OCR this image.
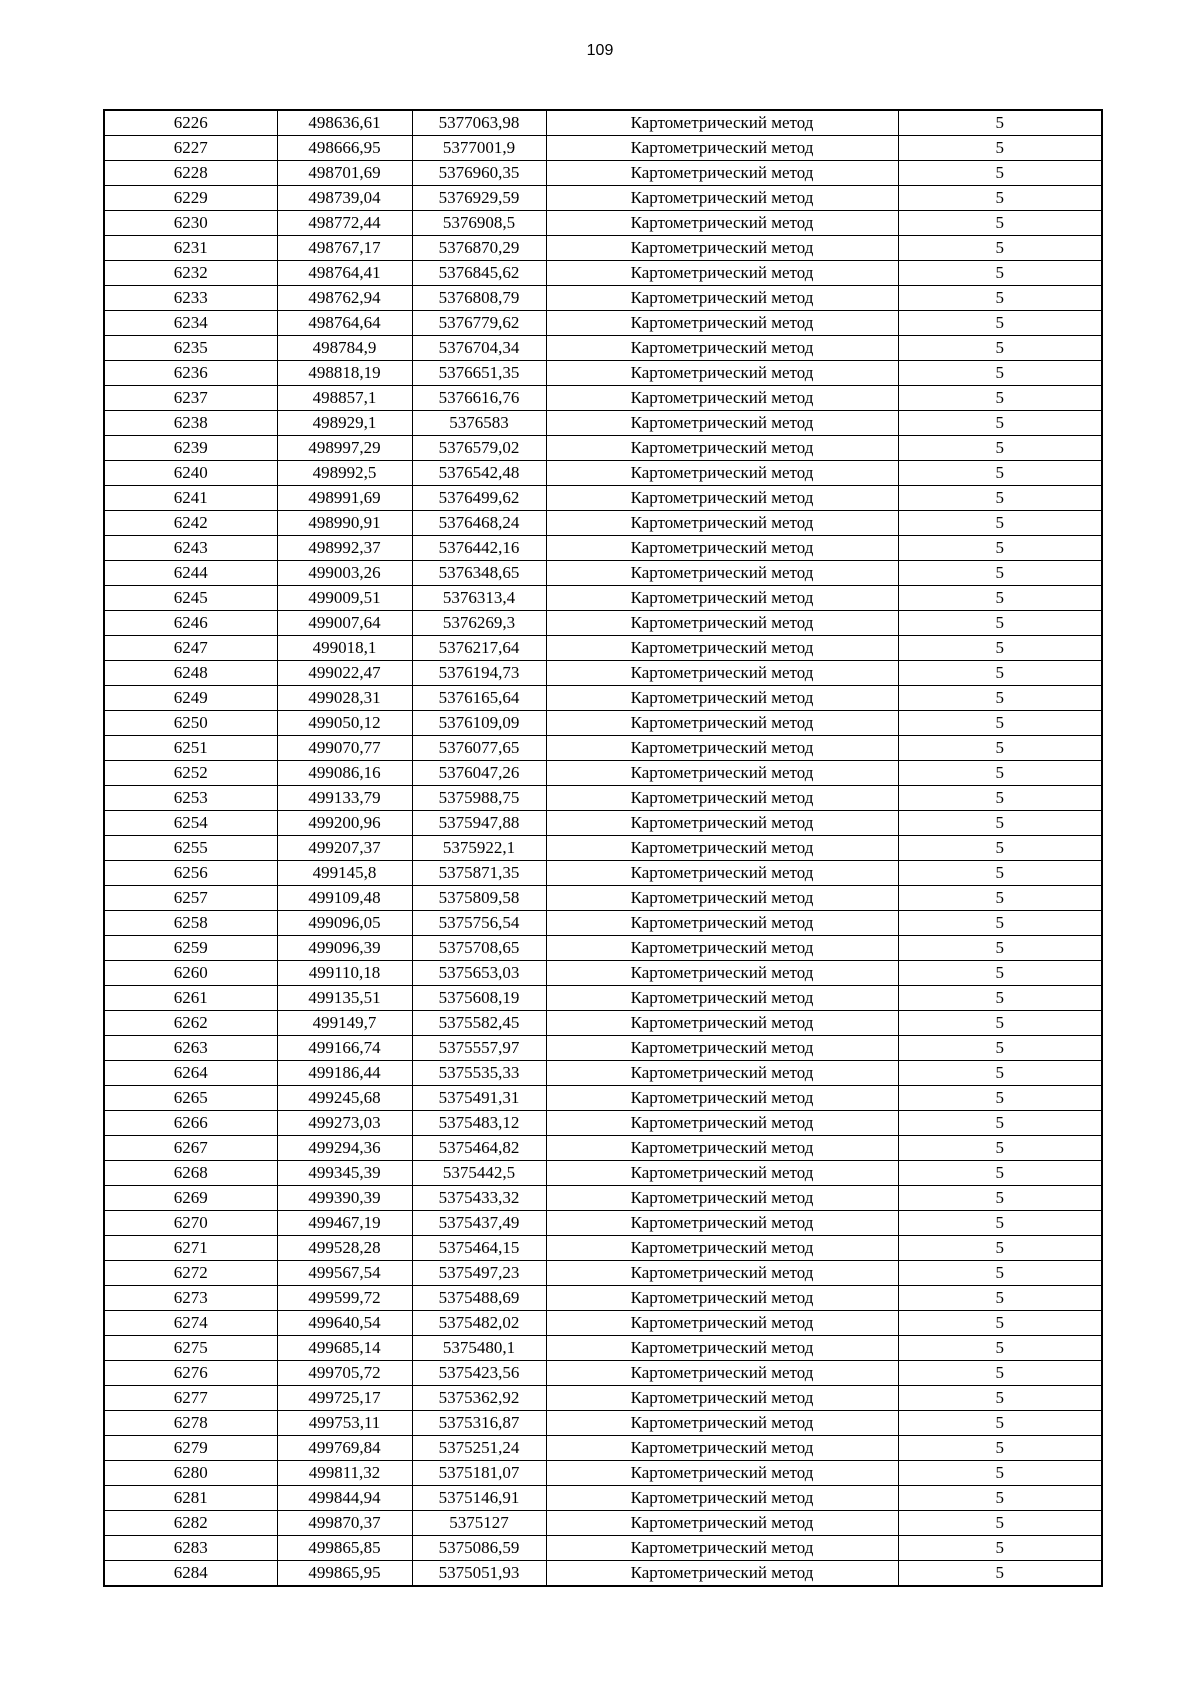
109
6226	498636,61	5377063,98	Картометрический метод	5
6227	498666,95	5377001,9	Картометрический метод	5
6228	498701,69	5376960,35	Картометрический метод	5
6229	498739,04	5376929,59	Картометрический метод	5
6230	498772,44	5376908,5	Картометрический метод	5
6231	498767,17	5376870,29	Картометрический метод	5
6232	498764,41	5376845,62	Картометрический метод	5
6233	498762,94	5376808,79	Картометрический метод	5
6234	498764,64	5376779,62	Картометрический метод	5
6235	498784,9	5376704,34	Картометрический метод	5
6236	498818,19	5376651,35	Картометрический метод	5
6237	498857,1	5376616,76	Картометрический метод	5
6238	498929,1	5376583	Картометрический метод	5
6239	498997,29	5376579,02	Картометрический метод	5
6240	498992,5	5376542,48	Картометрический метод	5
6241	498991,69	5376499,62	Картометрический метод	5
6242	498990,91	5376468,24	Картометрический метод	5
6243	498992,37	5376442,16	Картометрический метод	5
6244	499003,26	5376348,65	Картометрический метод	5
6245	499009,51	5376313,4	Картометрический метод	5
6246	499007,64	5376269,3	Картометрический метод	5
6247	499018,1	5376217,64	Картометрический метод	5
6248	499022,47	5376194,73	Картометрический метод	5
6249	499028,31	5376165,64	Картометрический метод	5
6250	499050,12	5376109,09	Картометрический метод	5
6251	499070,77	5376077,65	Картометрический метод	5
6252	499086,16	5376047,26	Картометрический метод	5
6253	499133,79	5375988,75	Картометрический метод	5
6254	499200,96	5375947,88	Картометрический метод	5
6255	499207,37	5375922,1	Картометрический метод	5
6256	499145,8	5375871,35	Картометрический метод	5
6257	499109,48	5375809,58	Картометрический метод	5
6258	499096,05	5375756,54	Картометрический метод	5
6259	499096,39	5375708,65	Картометрический метод	5
6260	499110,18	5375653,03	Картометрический метод	5
6261	499135,51	5375608,19	Картометрический метод	5
6262	499149,7	5375582,45	Картометрический метод	5
6263	499166,74	5375557,97	Картометрический метод	5
6264	499186,44	5375535,33	Картометрический метод	5
6265	499245,68	5375491,31	Картометрический метод	5
6266	499273,03	5375483,12	Картометрический метод	5
6267	499294,36	5375464,82	Картометрический метод	5
6268	499345,39	5375442,5	Картометрический метод	5
6269	499390,39	5375433,32	Картометрический метод	5
6270	499467,19	5375437,49	Картометрический метод	5
6271	499528,28	5375464,15	Картометрический метод	5
6272	499567,54	5375497,23	Картометрический метод	5
6273	499599,72	5375488,69	Картометрический метод	5
6274	499640,54	5375482,02	Картометрический метод	5
6275	499685,14	5375480,1	Картометрический метод	5
6276	499705,72	5375423,56	Картометрический метод	5
6277	499725,17	5375362,92	Картометрический метод	5
6278	499753,11	5375316,87	Картометрический метод	5
6279	499769,84	5375251,24	Картометрический метод	5
6280	499811,32	5375181,07	Картометрический метод	5
6281	499844,94	5375146,91	Картометрический метод	5
6282	499870,37	5375127	Картометрический метод	5
6283	499865,85	5375086,59	Картометрический метод	5
6284	499865,95	5375051,93	Картометрический метод	5
